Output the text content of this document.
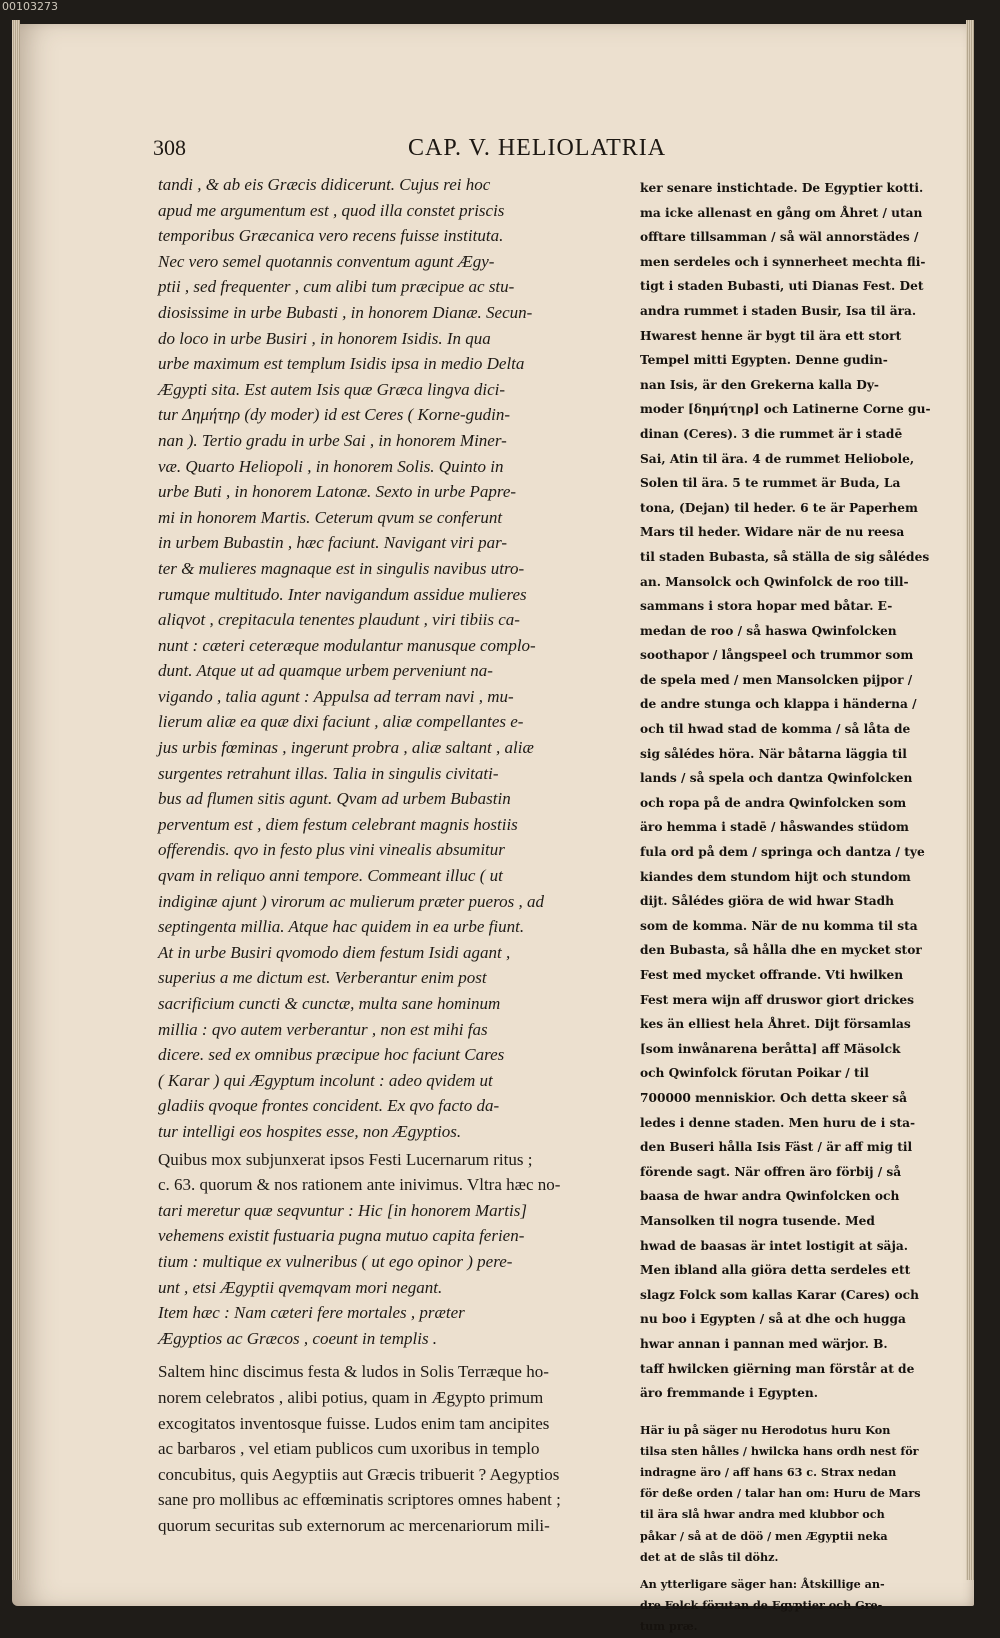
00103273
308	CAP. V. HELIOLATRIA
tandi , & ab eis Græcis didicerunt. Cujus rei hoc
apud me argumentum est , quod illa constet priscis
temporibus Græcanica vero recens fuisse instituta.
Nec vero semel quotannis conventum agunt Ægy-
ptii , sed frequenter , cum alibi tum præcipue ac stu-
diosissime in urbe Bubasti , in honorem Dianæ. Secun-
do loco in urbe Busiri , in honorem Isidis. In qua
urbe maximum est templum Isidis ipsa in medio Delta
Ægypti sita. Est autem Isis quæ Græca lingva dici-
tur Δημήτηρ (dy moder) id est Ceres ( Korne-gudin-
nan ). Tertio gradu in urbe Sai , in honorem Miner-
væ. Quarto Heliopoli , in honorem Solis. Quinto in
urbe Buti , in honorem Latonæ. Sexto in urbe Papre-
mi in honorem Martis. Ceterum qvum se conferunt
in urbem Bubastin , hæc faciunt. Navigant viri par-
ter & mulieres magnaque est in singulis navibus utro-
rumque multitudo. Inter navigandum assidue mulieres
aliqvot , crepitacula tenentes plaudunt , viri tibiis ca-
nunt : cæteri ceteræque modulantur manusque complo-
dunt. Atque ut ad quamque urbem perveniunt na-
vigando , talia agunt : Appulsa ad terram navi , mu-
lierum aliæ ea quæ dixi faciunt , aliæ compellantes e-
jus urbis fœminas , ingerunt probra , aliæ saltant , aliæ
surgentes retrahunt illas. Talia in singulis civitati-
bus ad flumen sitis agunt. Qvam ad urbem Bubastin
perventum est , diem festum celebrant magnis hostiis
offerendis. qvo in festo plus vini vinealis absumitur
qvam in reliquo anni tempore. Commeant illuc ( ut
indiginæ ajunt ) virorum ac mulierum præter pueros , ad
septingenta millia. Atque hac quidem in ea urbe fiunt.
At in urbe Busiri qvomodo diem festum Isidi agant ,
superius a me dictum est. Verberantur enim post
sacrificium cuncti & cunctæ, multa sane hominum
millia : qvo autem verberantur , non est mihi fas
dicere. sed ex omnibus præcipue hoc faciunt Cares
( Karar ) qui Ægyptum incolunt : adeo qvidem ut
gladiis qvoque frontes concident. Ex qvo facto da-
tur intelligi eos hospites esse, non Ægyptios.
Quibus mox subjunxerat ipsos Festi Lucernarum ritus ;
c. 63. quorum & nos rationem ante inivimus. Vltra hæc no-
tari meretur quæ seqvuntur : Hic [in honorem Martis]
vehemens existit fustuaria pugna mutuo capita ferien-
tium : multique ex vulneribus ( ut ego opinor ) pere-
unt , etsi Ægyptii qvemqvam mori negant.
Item hæc : Nam cæteri fere mortales , præter
Ægyptios ac Græcos , coeunt in templis .
Saltem hinc discimus festa & ludos in Solis Terræque ho-
norem celebratos , alibi potius, quam in Ægypto primum
excogitatos inventosque fuisse. Ludos enim tam ancipites
ac barbaros , vel etiam publicos cum uxoribus in templo
concubitus, quis Aegyptiis aut Græcis tribuerit ? Aegyptios
sane pro mollibus ac effœminatis scriptores omnes habent ;
quorum securitas sub externorum ac mercenariorum mili-
ker senare instichtade. De Egyptier kotti.
ma icke allenast en gång om Åhret / utan
offtare tillsamman / så wäl annorstädes /
men serdeles och i synnerheet mechta fli-
tigt i staden Bubasti, uti Dianas Fest. Det
andra rummet i staden Busir, Isa til ära.
Hwarest henne är bygt til ära ett stort
Tempel mitti Egypten. Denne gudin-
nan Isis, är den Grekerna kalla Dy-
moder [δημήτηρ] och Latinerne Corne gu-
dinan (Ceres). 3 die rummet är i stadē
Sai, Atin til ära. 4 de rummet Heliobole,
Solen til ära. 5 te rummet är Buda, La
tona, (Dejan) til heder. 6 te är Paperhem
Mars til heder. Widare när de nu reesa
til staden Bubasta, så ställa de sig sålédes
an. Mansolck och Qwinfolck de roo till-
sammans i stora hopar med båtar. E-
medan de roo / så haswa Qwinfolcken
soothapor / långspeel och trummor som
de spela med / men Mansolcken pijpor /
de andre stunga och klappa i händerna /
och til hwad stad de komma / så låta de
sig sålédes höra. När båtarna läggia til
lands / så spela och dantza Qwinfolcken
och ropa på de andra Qwinfolcken som
äro hemma i stadē / håswandes stüdom
fula ord på dem / springa och dantza / tye
kiandes dem stundom hijt och stundom
dijt. Sålédes giöra de wid hwar Stadh
som de komma. När de nu komma til sta
den Bubasta, så hålla dhe en mycket stor
Fest med mycket offrande. Vti hwilken
Fest mera wijn aff druswor giort drickes
kes än elliest hela Åhret. Dijt församlas
[som inwånarena beråtta] aff Mäsolck
och Qwinfolck förutan Poikar / til
700000 menniskior. Och detta skeer så
ledes i denne staden. Men huru de i sta-
den Buseri hålla Isis Fäst / är aff mig til
förende sagt. När offren äro förbij / så
baasa de hwar andra Qwinfolcken och
Mansolken til nogra tusende. Med
hwad de baasas är intet lostigit at säja.
Men ibland alla giöra detta serdeles ett
slagz Folck som kallas Karar (Cares) och
nu boo i Egypten / så at dhe och hugga
hwar annan i pannan med wärjor. B.
taff hwilcken giërning man förstår at de
äro fremmande i Egypten.
Här iu på säger nu Herodotus huru Kon
tilsa sten hålles / hwilcka hans ordh nest för
indragne äro / aff hans 63 c. Strax nedan
för deße orden / talar han om: Huru de Mars
til ära slå hwar andra med klubbor och
påkar / så at de döö / men Ægyptii neka
det at de slås til döhz.
An ytterligare säger han: Åtskillige an-
dre Folck förutan de Egyptier och Gre-
tum præ.
